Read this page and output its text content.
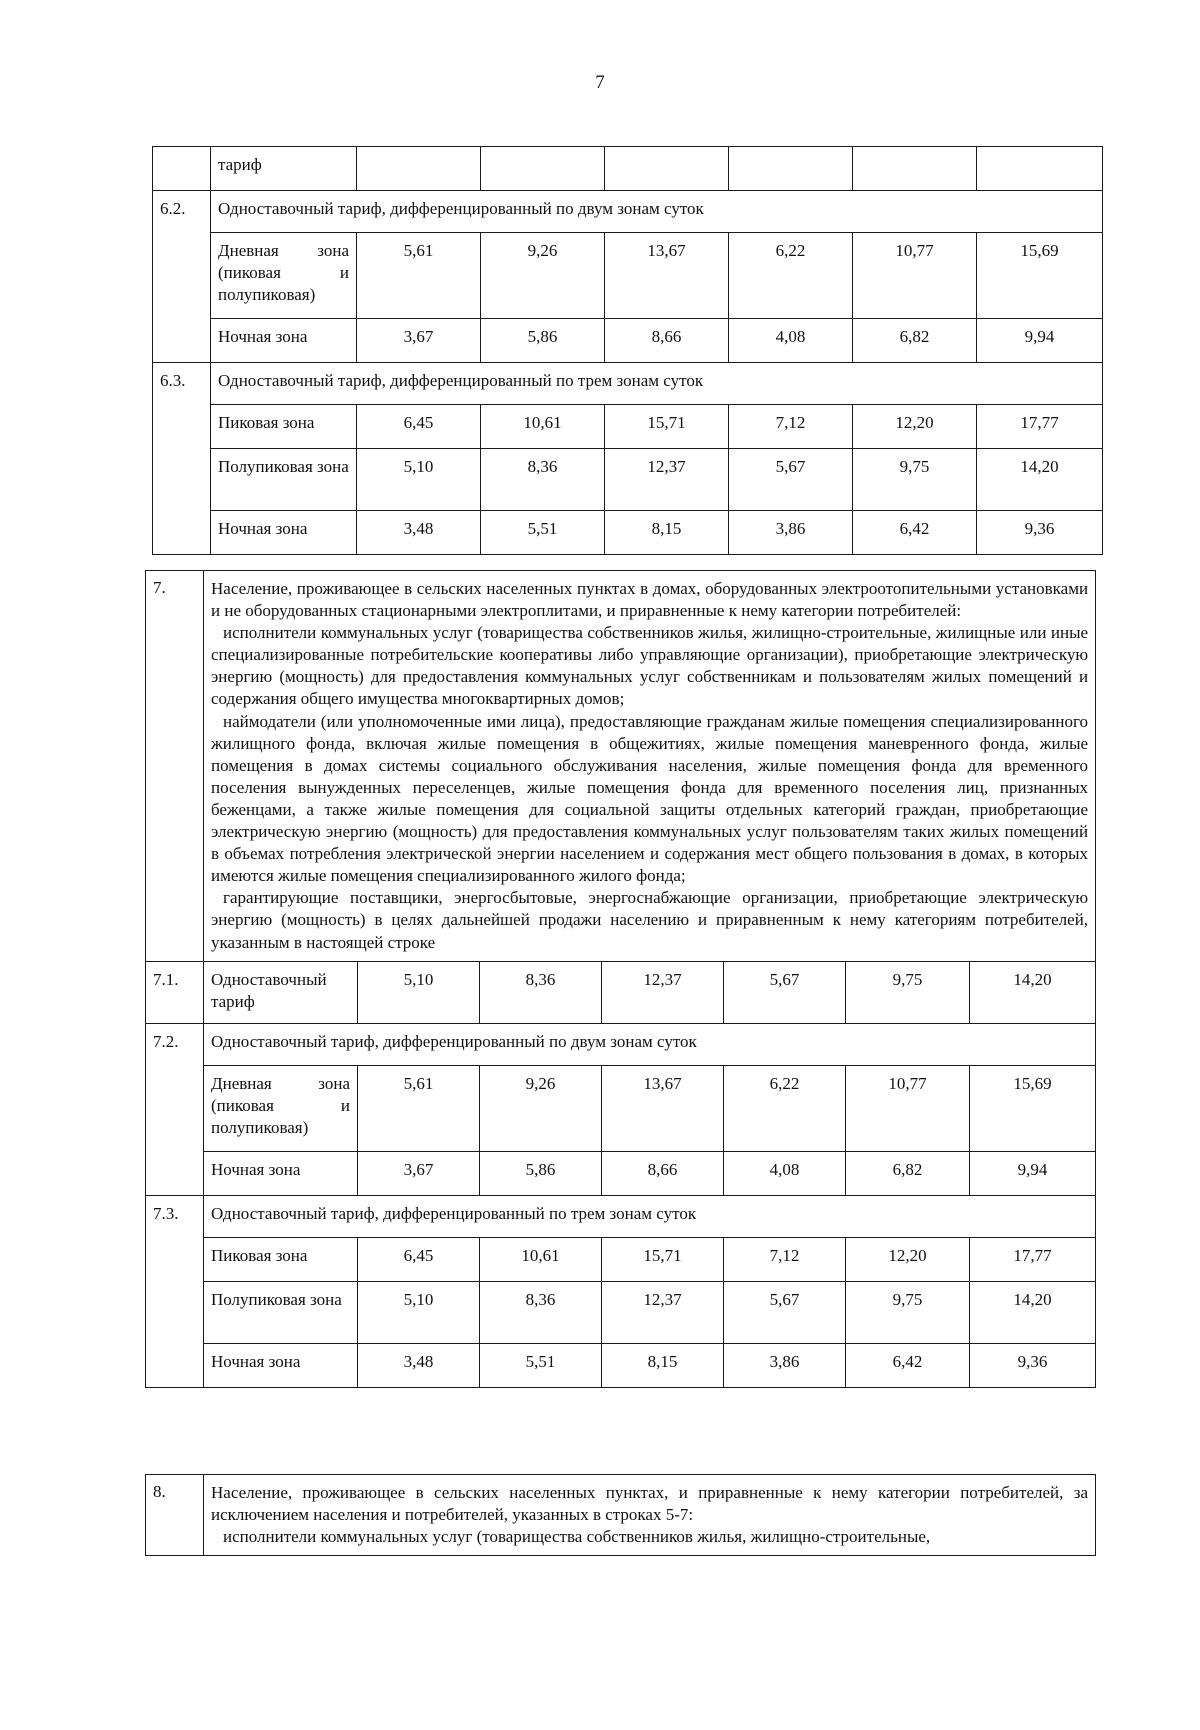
7
	тариф						
6.2.	Одноставочный тариф, дифференцированный по двум зонам суток						
	Дневная зона (пиковая и полупиковая)	5,61	9,26	13,67	6,22	10,77	15,69
	Ночная зона	3,67	5,86	8,66	4,08	6,82	9,94
6.3.	Одноставочный тариф, дифференцированный по трем зонам суток						
	Пиковая зона	6,45	10,61	15,71	7,12	12,20	17,77
	Полупиковая зона	5,10	8,36	12,37	5,67	9,75	14,20
	Ночная зона	3,48	5,51	8,15	3,86	6,42	9,36
7.	Население, проживающее в сельских населенных пунктах в домах, оборудованных электроотопительными установками и не оборудованных стационарными электроплитами, и приравненные к нему категории потребителей:

исполнители коммунальных услуг (товарищества собственников жилья, жилищно-строительные, жилищные или иные специализированные потребительские кооперативы либо управляющие организации), приобретающие электрическую энергию (мощность) для предоставления коммунальных услуг собственникам и пользователям жилых помещений и содержания общего имущества многоквартирных домов;

наймодатели (или уполномоченные ими лица), предоставляющие гражданам жилые помещения специализированного жилищного фонда, включая жилые помещения в общежитиях, жилые помещения маневренного фонда, жилые помещения в домах системы социального обслуживания населения, жилые помещения фонда для временного поселения вынужденных переселенцев, жилые помещения фонда для временного поселения лиц, признанных беженцами, а также жилые помещения для социальной защиты отдельных категорий граждан, приобретающие электрическую энергию (мощность) для предоставления коммунальных услуг пользователям таких жилых помещений в объемах потребления электрической энергии населением и содержания мест общего пользования в домах, в которых имеются жилые помещения специализированного жилого фонда;

гарантирующие поставщики, энергосбытовые, энергоснабжающие организации, приобретающие электрическую энергию (мощность) в целях дальнейшей продажи населению и приравненным к нему категориям потребителей, указанным в настоящей строке						

7.1.	Одноставочный тариф	5,10	8,36	12,37	5,67	9,75	14,20
7.2.	Одноставочный тариф, дифференцированный по двум зонам суток						
	Дневная зона (пиковая и полупиковая)	5,61	9,26	13,67	6,22	10,77	15,69
	Ночная зона	3,67	5,86	8,66	4,08	6,82	9,94
7.3.	Одноставочный тариф, дифференцированный по трем зонам суток						
	Пиковая зона	6,45	10,61	15,71	7,12	12,20	17,77
	Полупиковая зона	5,10	8,36	12,37	5,67	9,75	14,20
	Ночная зона	3,48	5,51	8,15	3,86	6,42	9,36
8.	Население, проживающее в сельских населенных пунктах, и приравненные к нему категории потребителей, за исключением населения и потребителей, указанных в строках 5-7:

исполнители коммунальных услуг (товарищества собственников жилья, жилищно-строительные,
